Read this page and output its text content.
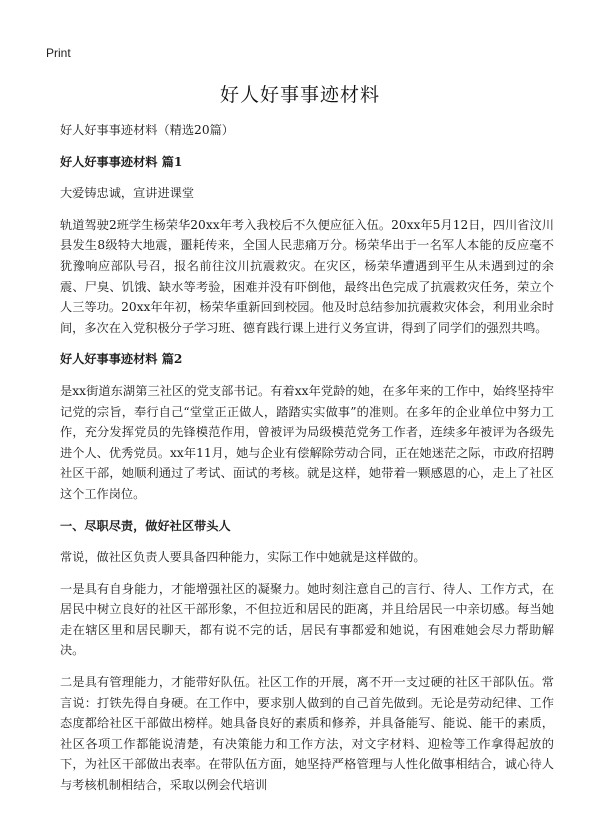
Print
好人好事事迹材料

好人好事事迹材料（精选20篇）

好人好事事迹材料 篇1

大爱铸忠诚，宣讲进课堂

轨道驾驶2班学生杨荣华20xx年考入我校后不久便应征入伍。20xx年5月12日，四川省汶川县发生8级特大地震，噩耗传来，全国人民悲痛万分。杨荣华出于一名军人本能的反应毫不犹豫响应部队号召，报名前往汶川抗震救灾。在灾区，杨荣华遭遇到平生从未遇到过的余震、尸臭、饥饿、缺水等考验，困难并没有吓倒他，最终出色完成了抗震救灾任务，荣立个人三等功。20xx年年初，杨荣华重新回到校园。他及时总结参加抗震救灾体会，利用业余时间，多次在入党积极分子学习班、德育践行课上进行义务宣讲，得到了同学们的强烈共鸣。

好人好事事迹材料 篇2

是xx街道东湖第三社区的党支部书记。有着xx年党龄的她，在多年来的工作中，始终坚持牢记党的宗旨，奉行自己“堂堂正正做人，踏踏实实做事”的准则。在多年的企业单位中努力工作，充分发挥党员的先锋模范作用，曾被评为局级模范党务工作者，连续多年被评为各级先进个人、优秀党员。xx年11月，她与企业有偿解除劳动合同，正在她迷茫之际，市政府招聘社区干部，她顺利通过了考试、面试的考核。就是这样，她带着一颗感恩的心，走上了社区这个工作岗位。

一、尽职尽责，做好社区带头人

常说，做社区负责人要具备四种能力，实际工作中她就是这样做的。

一是具有自身能力，才能增强社区的凝聚力。她时刻注意自己的言行、待人、工作方式，在居民中树立良好的社区干部形象，不但拉近和居民的距离，并且给居民一中亲切感。每当她走在辖区里和居民聊天，都有说不完的话，居民有事都爱和她说，有困难她会尽力帮助解决。

二是具有管理能力，才能带好队伍。社区工作的开展，离不开一支过硬的社区干部队伍。常言说：打铁先得自身硬。在工作中，要求别人做到的自己首先做到。无论是劳动纪律、工作态度都给社区干部做出榜样。她具备良好的素质和修养，并具备能写、能说、能干的素质，社区各项工作都能说清楚，有决策能力和工作方法，对文字材料、迎检等工作拿得起放的下，为社区干部做出表率。在带队伍方面，她坚持严格管理与人性化做事相结合，诚心待人与考核机制相结合，采取以例会代培训
